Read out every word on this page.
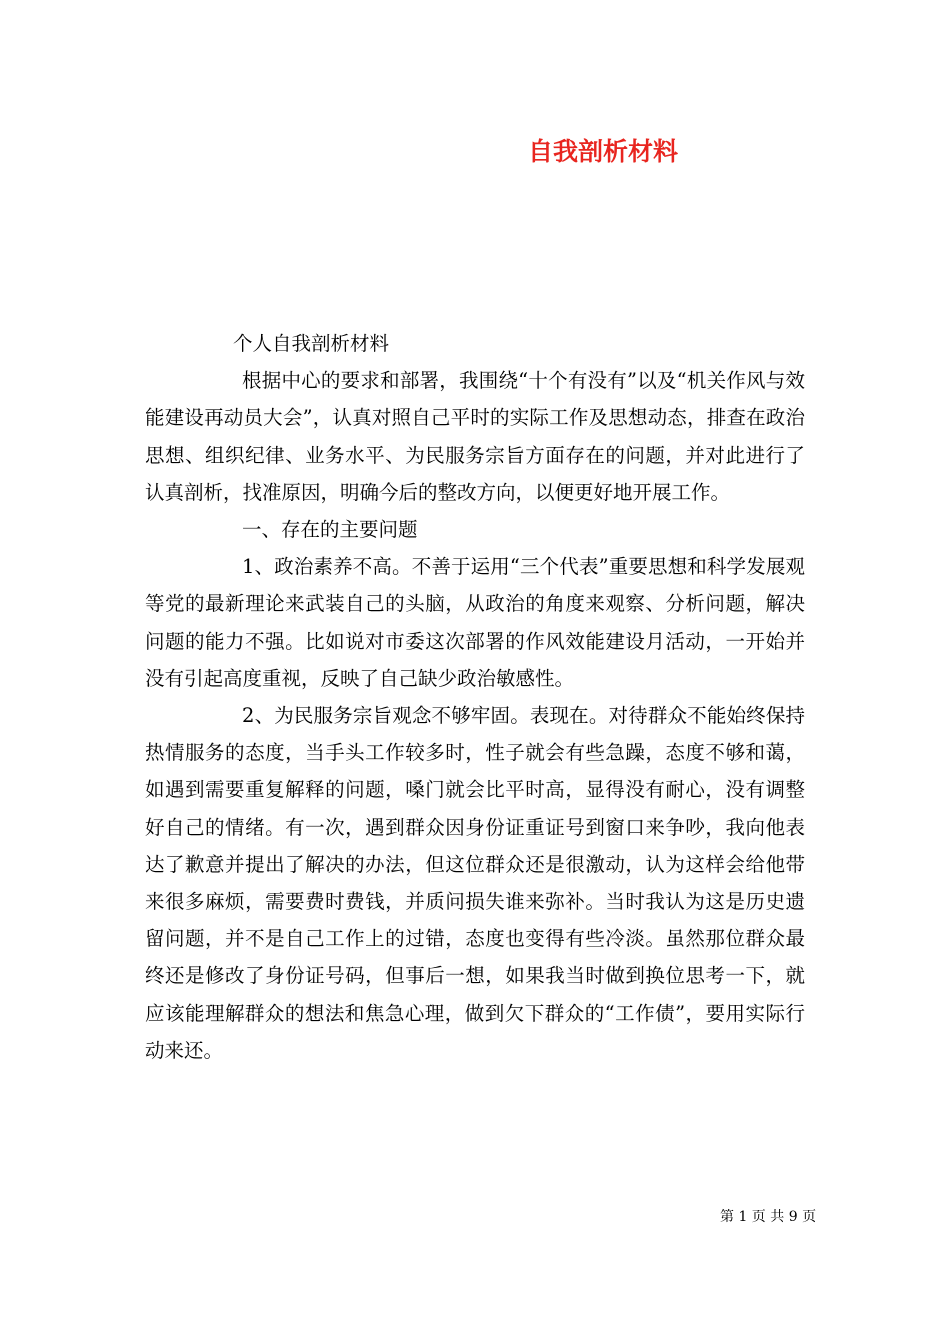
自我剖析材料

个人自我剖析材料

根据中心的要求和部署，我围绕“十个有没有”以及“机关作风与效能建设再动员大会”，认真对照自己平时的实际工作及思想动态，排查在政治思想、组织纪律、业务水平、为民服务宗旨方面存在的问题，并对此进行了认真剖析，找准原因，明确今后的整改方向，以便更好地开展工作。

一、存在的主要问题

1、政治素养不高。不善于运用“三个代表”重要思想和科学发展观等党的最新理论来武装自己的头脑，从政治的角度来观察、分析问题，解决问题的能力不强。比如说对市委这次部署的作风效能建设月活动，一开始并没有引起高度重视，反映了自己缺少政治敏感性。

2、为民服务宗旨观念不够牢固。表现在。对待群众不能始终保持热情服务的态度，当手头工作较多时，性子就会有些急躁，态度不够和蔼，如遇到需要重复解释的问题，嗓门就会比平时高，显得没有耐心，没有调整好自己的情绪。有一次，遇到群众因身份证重证号到窗口来争吵，我向他表达了歉意并提出了解决的办法，但这位群众还是很激动，认为这样会给他带来很多麻烦，需要费时费钱，并质问损失谁来弥补。当时我认为这是历史遗留问题，并不是自己工作上的过错，态度也变得有些冷淡。虽然那位群众最终还是修改了身份证号码，但事后一想，如果我当时做到换位思考一下，就应该能理解群众的想法和焦急心理，做到欠下群众的“工作债”，要用实际行动来还。

第 1 页 共 9 页
